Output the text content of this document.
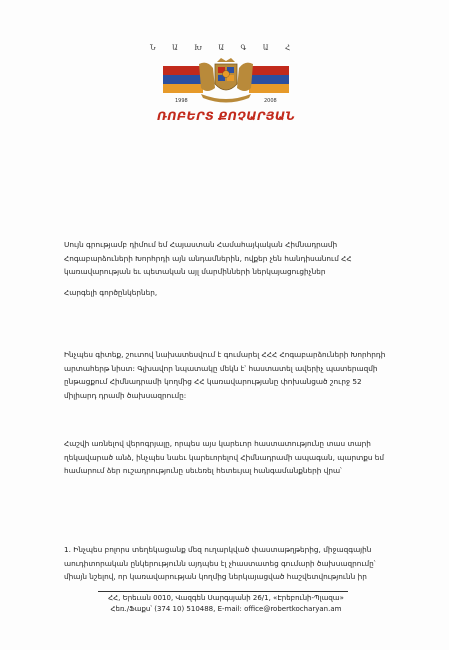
Ն Ա Խ Ա Գ Ա Հ
1998	2008
ՌՈԲԵՐՏ ՔՈՉԱՐՅԱՆ
Սույն գրությամբ դիմում եմ Հայաստան Համահայկական Հիմնադրամի Հոգաբարձուների Խորհրդի այն անդամներին, ովքեր չեն հանդիսանում ՀՀ կառավարության եւ պետական այլ մարմինների ներկայացուցիչներ
Հարգելի գործընկերներ,
Ինչպես գիտեք, շուտով նախատեսվում է գումարել ՀՀՀ Հոգաբարձուների Խորհրդի արտահերթ նիստ: Գլխավոր նպատակը մեկն է՝ հաստատել ավերիչ պատերազմի ընթացքում Հիմնադրամի կողմից ՀՀ կառավարությանը փոխանցած շուրջ 52 միլիարդ դրամի ծախսազրումը:
Հաշվի առնելով վերոգրյալը, որպես այս կարեւոր հաստատությունը տաս տարի ղեկավարած անձ, ինչպես նաեւ կարեւորելով Հիմնադրամի ապագան, պարտքս եմ համարում ձեր ուշադրությունը սեւեռել հետեւյալ հանգամանքների վրա՝
1. Ինչպես բոլորս տեղեկացանք մեզ ուղարկված փաստաթղթերից, միջազգային աուդիտորական ընկերությունն այդպես էլ չհաստատեց գումարի ծախսազրումը՝ միայն նշելով, որ կառավարության կողմից ներկայացված հաշվետվությունն իր
ՀՀ, Երեւան 0010, Վազգեն Սարգսյանի 26/1, «Էրեբունի-Պլազա»
Հեռ./Ֆաքս՝ (374 10) 510488, E-mail: office@robertkocharyan.am
